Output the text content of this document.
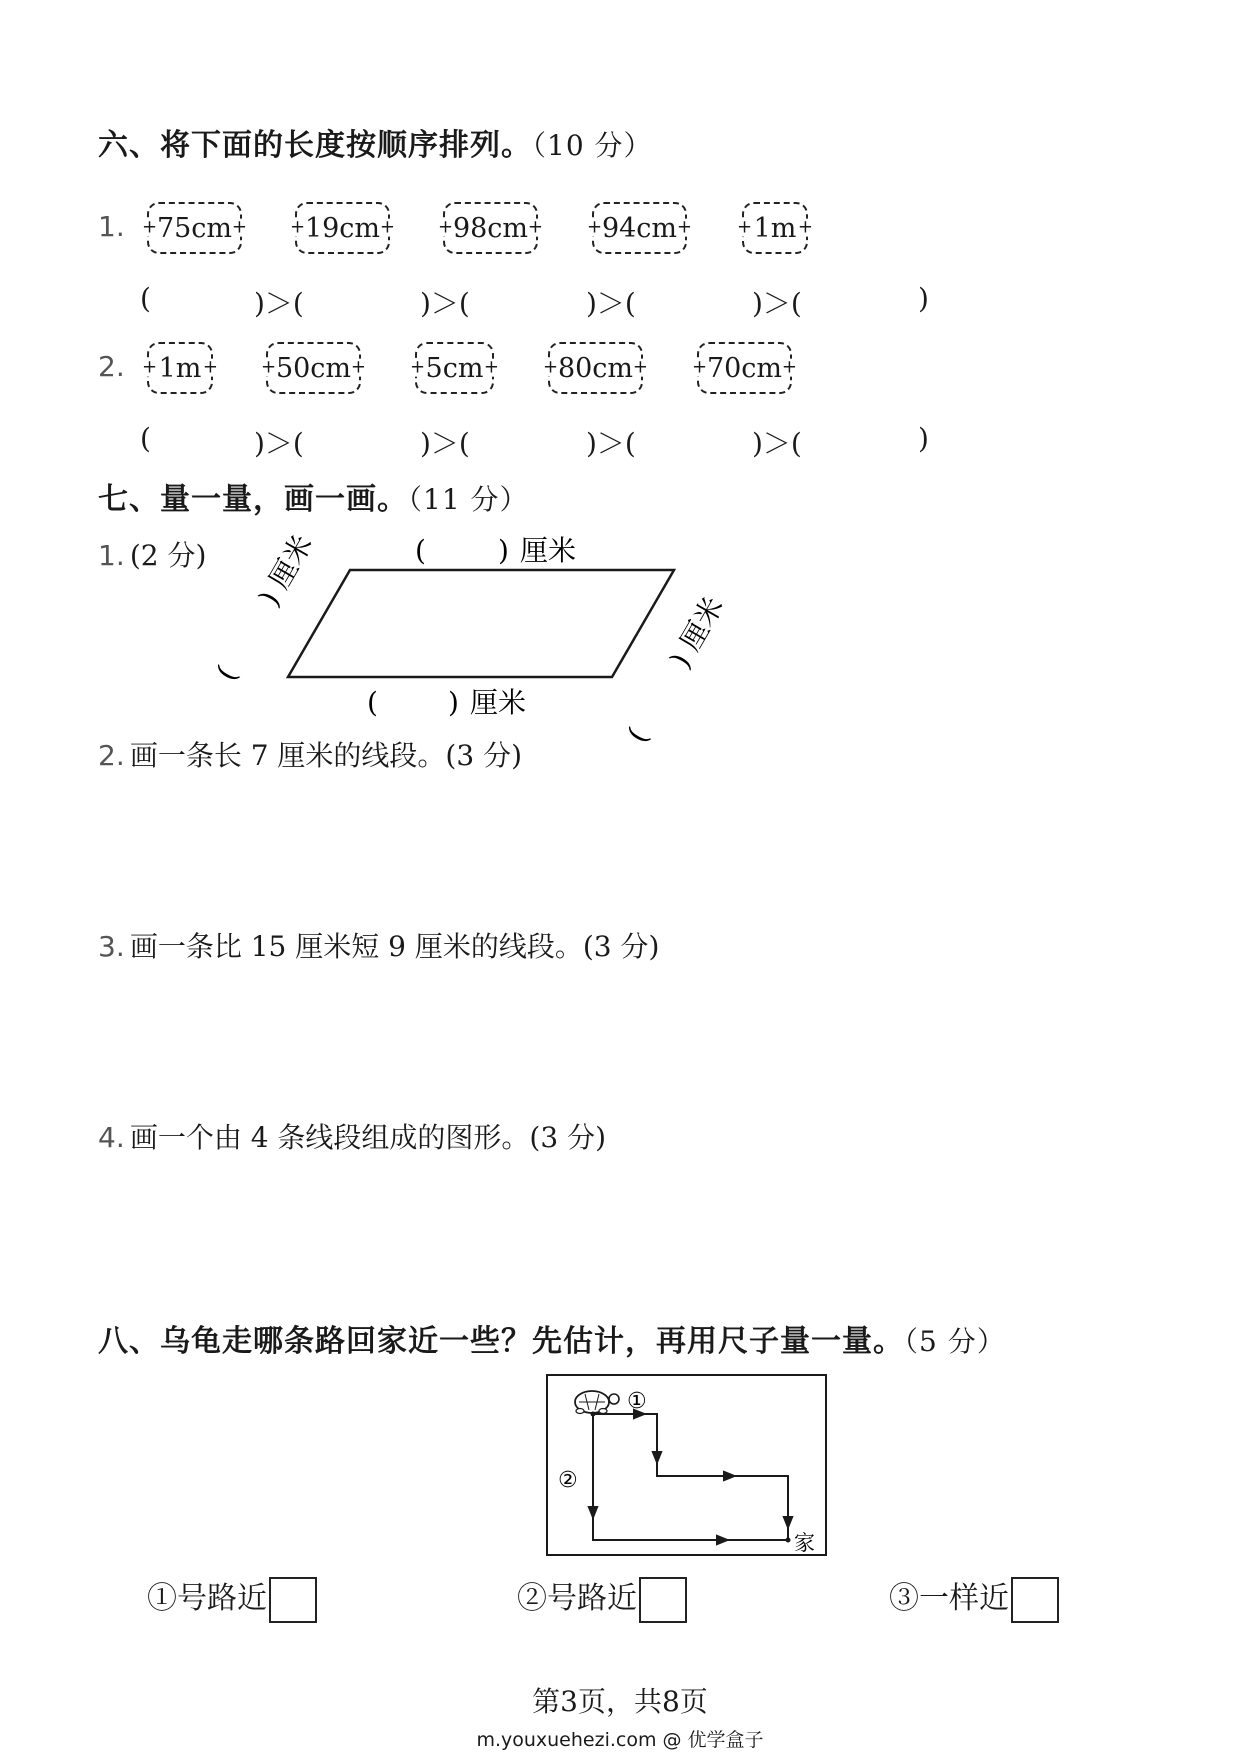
六、将下面的长度按顺序排列。（10 分）
1.	+ 75cm +	+ 19cm +	+ 98cm +	+ 94cm +	+ 1m +
(	)＞(	)＞(	)＞(	)＞(	)
2.	+ 1m +	+ 50cm +	+ 5cm +	+ 80cm +	+ 70cm +
(	)＞(	)＞(	)＞(	)＞(	)
七、量一量，画一画。（11 分）
1. (2 分)	(	) 厘米
(	) 厘米
(
)
厘米
(
)
厘米
2. 画一条长 7 厘米的线段。(3 分)
3. 画一条比 15 厘米短 9 厘米的线段。(3 分)
4. 画一个由 4 条线段组成的图形。(3 分)
八、乌龟走哪条路回家近一些？先估计，再用尺子量一量。（5 分）
①
②
家
①号路近	②号路近	③一样近
第3页，共8页
m.youxuehezi.com @ 优学盒子
